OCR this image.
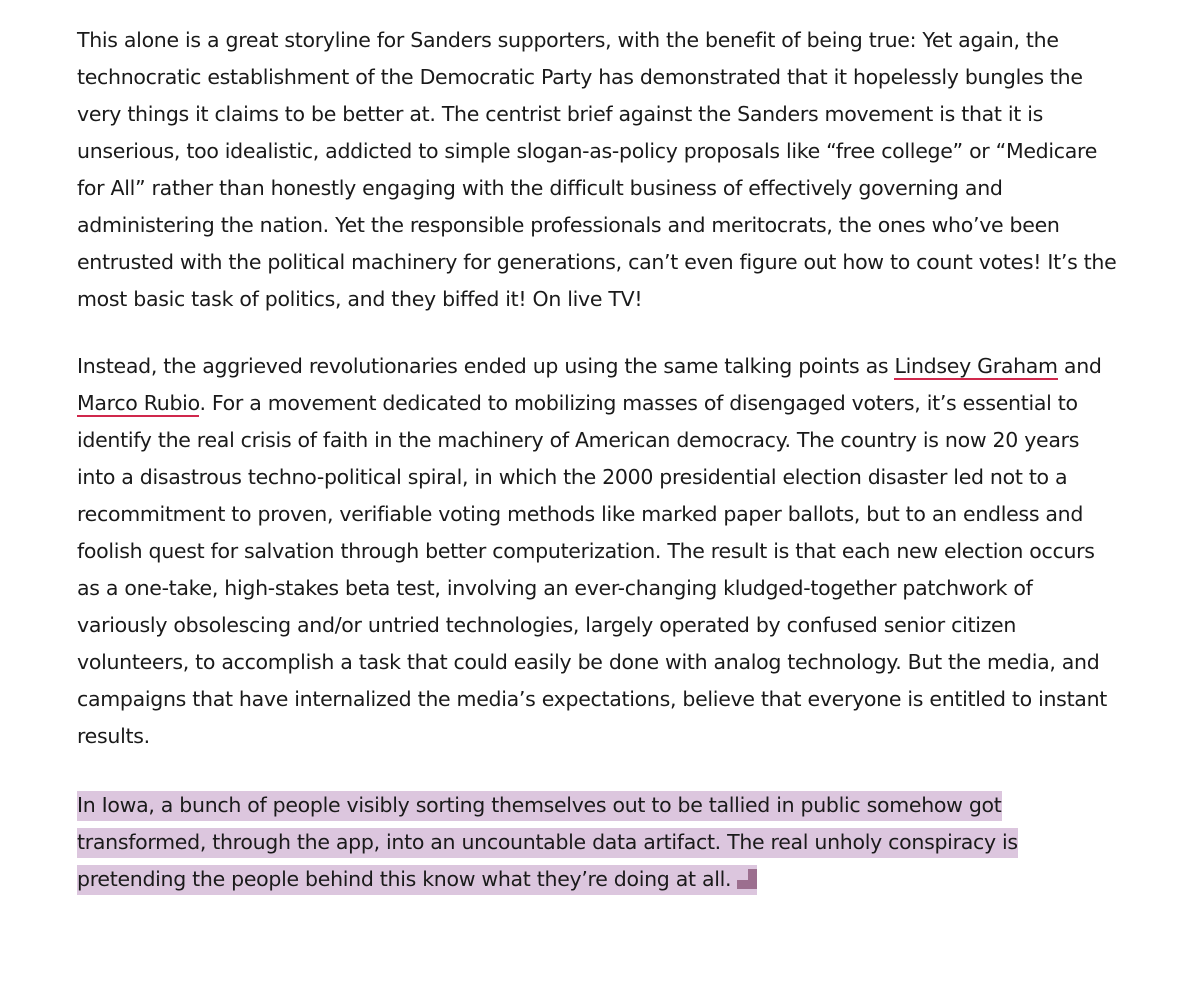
This alone is a great storyline for Sanders supporters, with the benefit of being true: Yet again, the technocratic establishment of the Democratic Party has demonstrated that it hopelessly bungles the very things it claims to be better at. The centrist brief against the Sanders movement is that it is unserious, too idealistic, addicted to simple slogan-as-policy proposals like “free college” or “Medicare for All” rather than honestly engaging with the difficult business of effectively governing and administering the nation. Yet the responsible professionals and meritocrats, the ones who’ve been entrusted with the political machinery for generations, can’t even figure out how to count votes! It’s the most basic task of politics, and they biffed it! On live TV!

Instead, the aggrieved revolutionaries ended up using the same talking points as Lindsey Graham and Marco Rubio. For a movement dedicated to mobilizing masses of disengaged voters, it’s essential to identify the real crisis of faith in the machinery of American democracy. The country is now 20 years into a disastrous techno-political spiral, in which the 2000 presidential election disaster led not to a recommitment to proven, verifiable voting methods like marked paper ballots, but to an endless and foolish quest for salvation through better computerization. The result is that each new election occurs as a one-take, high-stakes beta test, involving an ever-changing kludged-together patchwork of variously obsolescing and/or untried technologies, largely operated by confused senior citizen volunteers, to accomplish a task that could easily be done with analog technology. But the media, and campaigns that have internalized the media’s expectations, believe that everyone is entitled to instant results.

In Iowa, a bunch of people visibly sorting themselves out to be tallied in public somehow got transformed, through the app, into an uncountable data artifact. The real unholy conspiracy is pretending the people behind this know what they’re doing at all.
